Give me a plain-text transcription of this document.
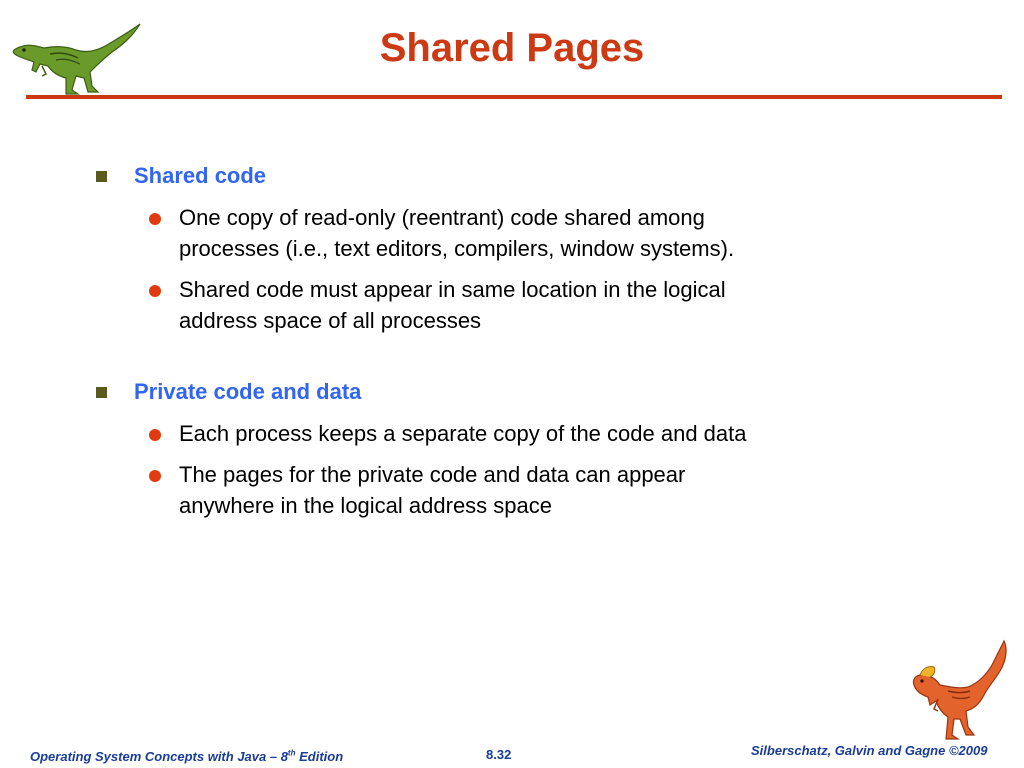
Shared Pages
Shared code
One copy of read-only (reentrant) code shared among
processes (i.e., text editors, compilers, window systems).
Shared code must appear in same location in the logical
address space of all processes
Private code and data
Each process keeps a separate copy of the code and data
The pages for the private code and data can appear
anywhere in the logical address space
Operating System Concepts with Java – 8th Edition	8.32	Silberschatz, Galvin and Gagne ©2009
